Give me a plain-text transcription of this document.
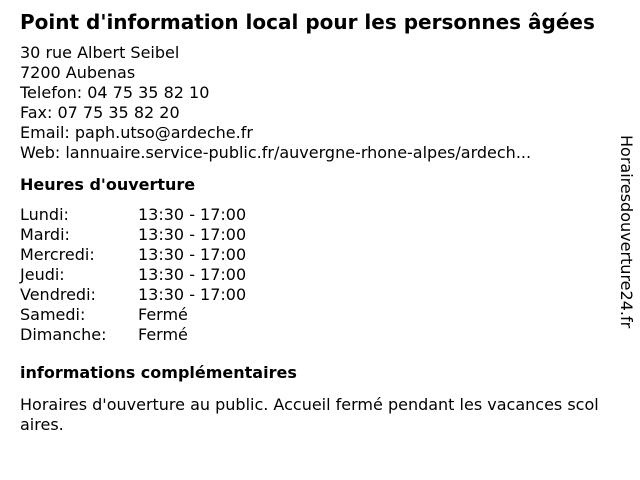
Point d'information local pour les personnes âgées
30 rue Albert Seibel
7200 Aubenas
Telefon: 04 75 35 82 10
Fax: 07 75 35 82 20
Email: paph.utso@ardeche.fr
Web: lannuaire.service-public.fr/auvergne-rhone-alpes/ardech...
Heures d'ouverture
Lundi:	13:30 - 17:00
Mardi:	13:30 - 17:00
Mercredi:	13:30 - 17:00
Jeudi:	13:30 - 17:00
Vendredi:	13:30 - 17:00
Samedi:	Fermé
Dimanche:	Fermé
informations complémentaires
Horaires d'ouverture au public. Accueil fermé pendant les vacances scolaires.
Horairesdouverture24.fr
